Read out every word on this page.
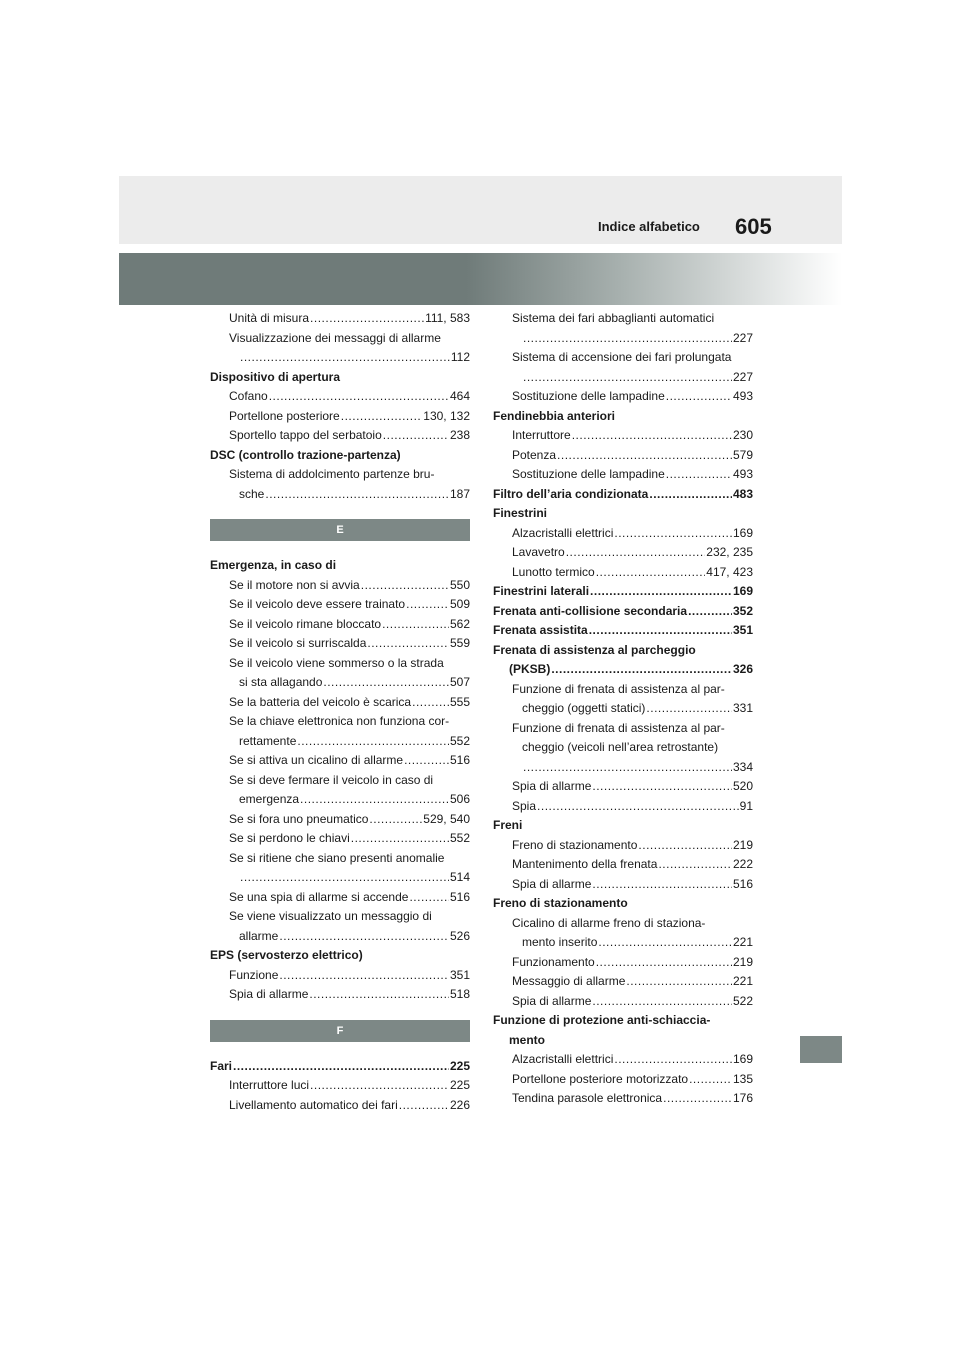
Indice alfabetico 605
Unità di misura .....	111, 583
Visualizzazione dei messaggi di allarme
.....
112
Dispositivo di apertura
Cofano .....	464
Portellone posteriore .....	130, 132
Sportello tappo del serbatoio .....	238
DSC (controllo trazione-partenza)
Sistema di addolcimento partenze bru-
sche .....	187
E
Emergenza, in caso di
Se il motore non si avvia .....	550
Se il veicolo deve essere trainato .....	509
Se il veicolo rimane bloccato .....	562
Se il veicolo si surriscalda .....	559
Se il veicolo viene sommerso o la strada
si sta allagando .....	507
Se la batteria del veicolo è scarica .....	555
Se la chiave elettronica non funziona cor-
rettamente .....	552
Se si attiva un cicalino di allarme .....	516
Se si deve fermare il veicolo in caso di
emergenza .....	506
Se si fora uno pneumatico .....	529, 540
Se si perdono le chiavi .....	552
Se si ritiene che siano presenti anomalie
.....
514
Se una spia di allarme si accende .....	516
Se viene visualizzato un messaggio di
allarme .....	526
EPS (servosterzo elettrico)
Funzione .....	351
Spia di allarme .....	518
F
Fari .....	225
Interruttore luci .....	225
Livellamento automatico dei fari .....	226
Sistema dei fari abbaglianti automatici
.....
227
Sistema di accensione dei fari prolungata
.....
227
Sostituzione delle lampadine .....	493
Fendinebbia anteriori
Interruttore .....	230
Potenza .....	579
Sostituzione delle lampadine .....	493
Filtro dell’aria condizionata .....	483
Finestrini
Alzacristalli elettrici .....	169
Lavavetro .....	232, 235
Lunotto termico .....	417, 423
Finestrini laterali .....	169
Frenata anti-collisione secondaria .....	352
Frenata assistita .....	351
Frenata di assistenza al parcheggio
(PKSB) .....	326
Funzione di frenata di assistenza al par-
cheggio (oggetti statici) .....	331
Funzione di frenata di assistenza al par-
cheggio (veicoli nell’area retrostante)
.....
334
Spia di allarme .....	520
Spia .....	91
Freni
Freno di stazionamento .....	219
Mantenimento della frenata .....	222
Spia di allarme .....	516
Freno di stazionamento
Cicalino di allarme freno di staziona-
mento inserito .....	221
Funzionamento .....	219
Messaggio di allarme .....	221
Spia di allarme .....	522
Funzione di protezione anti-schiaccia-
mento
Alzacristalli elettrici .....	169
Portellone posteriore motorizzato .....	135
Tendina parasole elettronica .....	176
